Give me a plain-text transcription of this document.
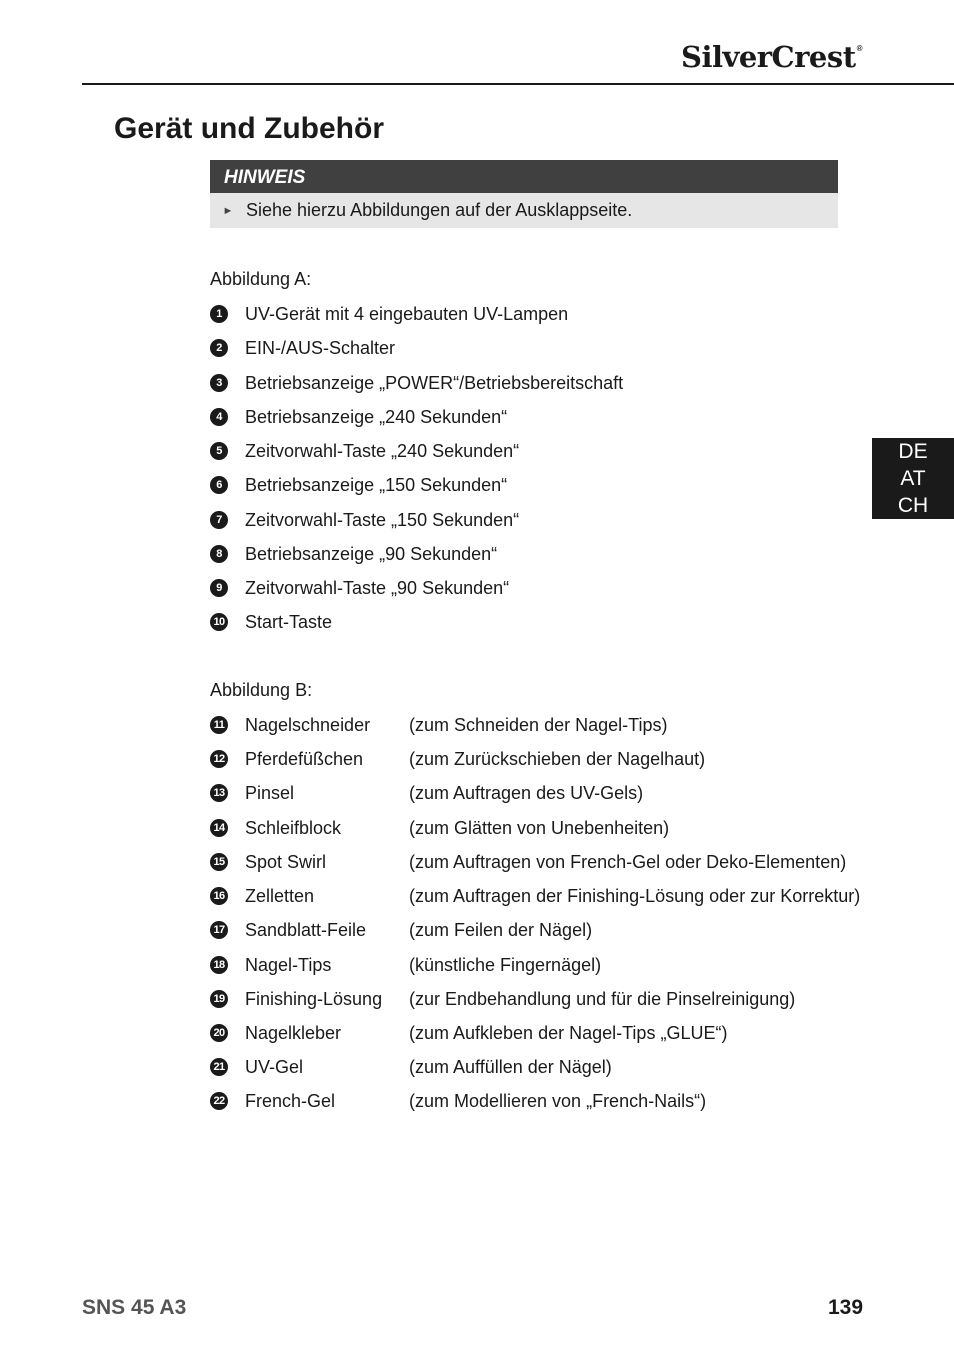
SilverCrest®
Gerät und Zubehör
HINWEIS
► Siehe hierzu Abbildungen auf der Ausklappseite.
Abbildung A:
1	UV-Gerät mit 4 eingebauten UV-Lampen
2	EIN-/AUS-Schalter
3	Betriebsanzeige „POWER“/Betriebsbereitschaft
4	Betriebsanzeige „240 Sekunden“
5	Zeitvorwahl-Taste „240 Sekunden“
6	Betriebsanzeige „150 Sekunden“
7	Zeitvorwahl-Taste „150 Sekunden“
8	Betriebsanzeige „90 Sekunden“
9	Zeitvorwahl-Taste „90 Sekunden“
10 Start-Taste
Abbildung B:
11 Nagelschneider	(zum Schneiden der Nagel-Tips)
12 Pferdefüßchen	(zum Zurückschieben der Nagelhaut)
13 Pinsel	(zum Auftragen des UV-Gels)
14 Schleifblock	(zum Glätten von Unebenheiten)
15 Spot Swirl	(zum Auftragen von French-Gel oder Deko-Elementen)
16 Zelletten	(zum Auftragen der Finishing-Lösung oder zur Korrektur)
17 Sandblatt-Feile	(zum Feilen der Nägel)
18 Nagel-Tips	(künstliche Fingernägel)
19 Finishing-Lösung	(zur Endbehandlung und für die Pinselreinigung)
20 Nagelkleber	(zum Aufkleben der Nagel-Tips „GLUE“)
21 UV-Gel	(zum Auffüllen der Nägel)
22 French-Gel	(zum Modellieren von „French-Nails“)
DE
AT
CH
SNS 45 A3	139
